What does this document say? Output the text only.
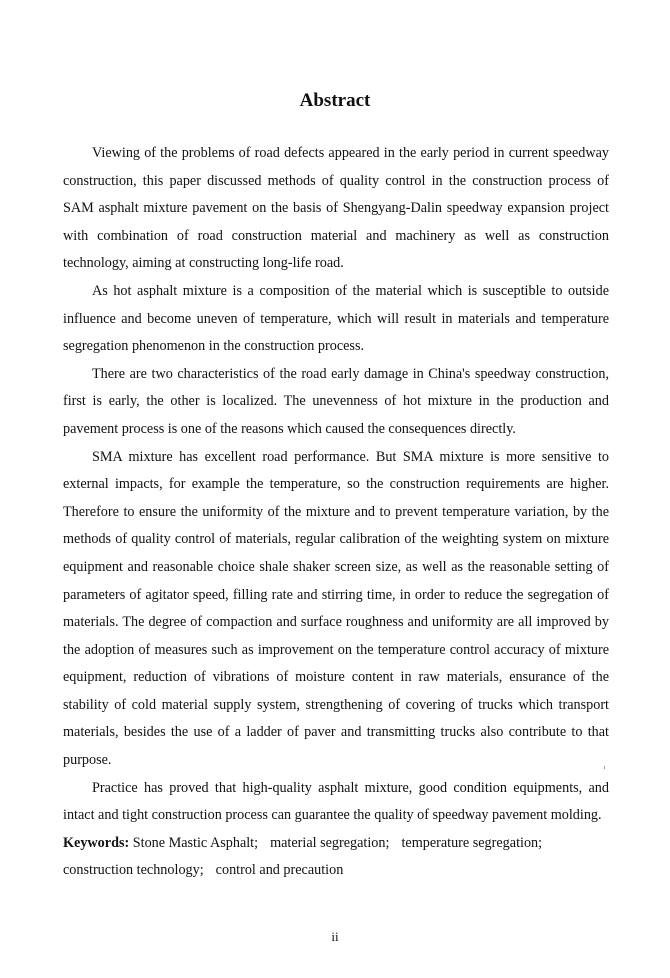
Abstract

Viewing of the problems of road defects appeared in the early period in current speedway construction, this paper discussed methods of quality control in the construction process of SAM asphalt mixture pavement on the basis of Shengyang-Dalin speedway expansion project with combination of road construction material and machinery as well as construction technology, aiming at constructing long-life road.

As hot asphalt mixture is a composition of the material which is susceptible to outside influence and become uneven of temperature, which will result in materials and temperature segregation phenomenon in the construction process.

There are two characteristics of the road early damage in China's speedway construction, first is early, the other is localized. The unevenness of hot mixture in the production and pavement process is one of the reasons which caused the consequences directly.

SMA mixture has excellent road performance. But SMA mixture is more sensitive to external impacts, for example the temperature, so the construction requirements are higher. Therefore to ensure the uniformity of the mixture and to prevent temperature variation, by the methods of quality control of materials, regular calibration of the weighting system on mixture equipment and reasonable choice shale shaker screen size, as well as the reasonable setting of parameters of agitator speed, filling rate and stirring time, in order to reduce the segregation of materials. The degree of compaction and surface roughness and uniformity are all improved by the adoption of measures such as improvement on the temperature control accuracy of mixture equipment, reduction of vibrations of moisture content in raw materials, ensurance of the stability of cold material supply system, strengthening of covering of trucks which transport materials, besides the use of a ladder of paver and transmitting trucks also contribute to that purpose.

Practice has proved that high-quality asphalt mixture, good condition equipments, and intact and tight construction process can guarantee the quality of speedway pavement molding.

Keywords: Stone Mastic Asphalt; material segregation; temperature segregation;
construction technology; control and precaution

ii
